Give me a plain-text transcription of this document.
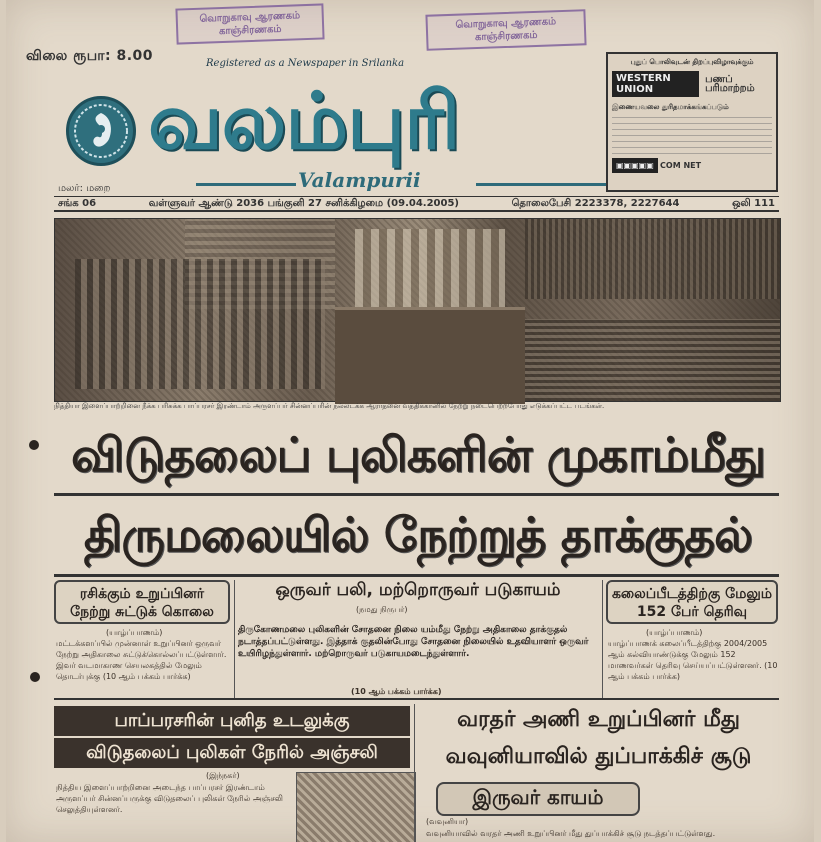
விலை ரூபா: 8.00	Registered as a Newspaper in Srilanka
வொறுகாவு ஆரணகம்
காஞ்சிரணகம்	வொறுகாவு ஆரணகம்
காஞ்சிரணகம்
வலம்புரி
Valampurii
புதுப் பொலிவுடன் திறப்புவிழாவுக்கும்
WESTERN UNION
பணப் பரிமாற்றம்
இணையவலை துரிதமாக்கங்கப்படும்
▣▣▣▣▣ COM NET
மலர்: மறை
சங்க 06	வள்ளுவர் ஆண்டு 2036 பங்குனி 27 சனிக்கிழமை (09.04.2005)	தொலைபேசி 2223378, 2227644	ஒலி 111
நித்தியா இளைப்பாற்றினை நீக்க பரிசுக்க பாப்பரசர் இரண்டாம் அருளப்பர் சின்னப்பரின் நல்லடக்க ஆராதனை வத்திக்கானில் நேற்று நடைபெற்றபோது எடுக்கப்பட்ட படங்கள்.
விடுதலைப் புலிகளின் முகாம்மீது
திருமலையில் நேற்றுத் தாக்குதல்
ரசிக்கும் உறுப்பினர் நேற்று சுட்டுக் கொலை
(யாழ்ப்பாணம்)
மட்டக்களப்பில் முன்னாள் உறுப்பினர் ஒருவர் நேற்று அதிகாலை சுட்டுக்கொல்லப்பட்டுள்ளார். இவர் வடமாகாண செயலகத்தில் மேலும் தொடர்புக்கு (10 ஆம் பக்கம் பார்க்க)
ஒருவர் பலி, மற்றொருவர் படுகாயம்
(நமது நிருபர்)
திருகோணமலை புலிகளின் சோதனை நிலை யம்மீது நேற்று அதிகாலை தாக்குதல் நடாத்தப்பட்டுள்ளது. இத்தாக் குதலின்போது சோதனை நிலையில் உதவியாளர் ஒருவர் உயிரிழந்துள்ளார். மற்றொருவர் படுகாயமடைந்துள்ளார்.
(10 ஆம் பக்கம் பார்க்க)
கலைப்பீடத்திற்கு மேலும் 152 பேர் தெரிவு
(யாழ்ப்பாணம்)
யாழ்ப்பாணக் கலைப்பீடத்திற்கு 2004/2005 ஆம் கல்வியாண்டுக்கு மேலும் 152 மாணவர்கள் தெரிவு செய்யப்பட்டுள்ளனர். (10 ஆம் பக்கம் பார்க்க)
பாப்பரசரின் புனித உடலுக்கு
விடுதலைப் புலிகள் நேரில் அஞ்சலி
(இந்நகர்)
நித்திய இளைப்பாற்றினை அடைந்த பாப்பரசர் இரண்டாம் அருளப்பர் சின்னப்பருக்கு விடுதலைப் புலிகள் நேரில் அஞ்சலி செலுத்தியுள்ளனர்.
வரதர் அணி உறுப்பினர் மீது
வவுனியாவில் துப்பாக்கிச் சூடு
இருவர் காயம்
(வவுனியா)
வவுனியாவில் வரதர் அணி உறுப்பினர் மீது துப்பாக்கிச் சூடு நடத்தப்பட்டுள்ளது.
